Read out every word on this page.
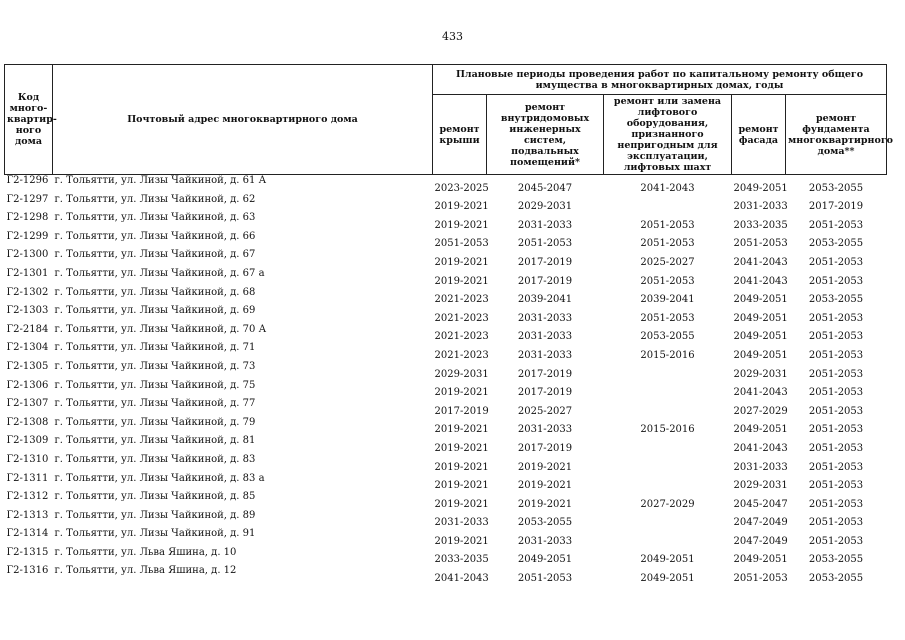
433
Код много-квартир-ного дома	Почтовый адрес многоквартирного дома	Плановые периоды проведения работ по капитальному ремонту общего имущества в многоквартирных домах, годы				
		ремонт крыши	ремонт внутридомовых инженерных систем, подвальных помещений*	ремонт или замена лифтового оборудования, признанного непригодным для эксплуатации, лифтовых шахт	ремонт фасада	ремонт фундамента многоквартирного дома**
Г2-1296	г. Тольятти, ул. Лизы Чайкиной, д. 61 А	2023-2025	2045-2047	2041-2043	2049-2051	2053-2055
Г2-1297	г. Тольятти, ул. Лизы Чайкиной, д. 62	2019-2021	2029-2031		2031-2033	2017-2019
Г2-1298	г. Тольятти, ул. Лизы Чайкиной, д. 63	2019-2021	2031-2033	2051-2053	2033-2035	2051-2053
Г2-1299	г. Тольятти, ул. Лизы Чайкиной, д. 66	2051-2053	2051-2053	2051-2053	2051-2053	2053-2055
Г2-1300	г. Тольятти, ул. Лизы Чайкиной, д. 67	2019-2021	2017-2019	2025-2027	2041-2043	2051-2053
Г2-1301	г. Тольятти, ул. Лизы Чайкиной, д. 67 а	2019-2021	2017-2019	2051-2053	2041-2043	2051-2053
Г2-1302	г. Тольятти, ул. Лизы Чайкиной, д. 68	2021-2023	2039-2041	2039-2041	2049-2051	2053-2055
Г2-1303	г. Тольятти, ул. Лизы Чайкиной, д. 69	2021-2023	2031-2033	2051-2053	2049-2051	2051-2053
Г2-2184	г. Тольятти, ул. Лизы Чайкиной, д. 70 А	2021-2023	2031-2033	2053-2055	2049-2051	2051-2053
Г2-1304	г. Тольятти, ул. Лизы Чайкиной, д. 71	2021-2023	2031-2033	2015-2016	2049-2051	2051-2053
Г2-1305	г. Тольятти, ул. Лизы Чайкиной, д. 73	2029-2031	2017-2019		2029-2031	2051-2053
Г2-1306	г. Тольятти, ул. Лизы Чайкиной, д. 75	2019-2021	2017-2019		2041-2043	2051-2053
Г2-1307	г. Тольятти, ул. Лизы Чайкиной, д. 77	2017-2019	2025-2027		2027-2029	2051-2053
Г2-1308	г. Тольятти, ул. Лизы Чайкиной, д. 79	2019-2021	2031-2033	2015-2016	2049-2051	2051-2053
Г2-1309	г. Тольятти, ул. Лизы Чайкиной, д. 81	2019-2021	2017-2019		2041-2043	2051-2053
Г2-1310	г. Тольятти, ул. Лизы Чайкиной, д. 83	2019-2021	2019-2021		2031-2033	2051-2053
Г2-1311	г. Тольятти, ул. Лизы Чайкиной, д. 83 а	2019-2021	2019-2021		2029-2031	2051-2053
Г2-1312	г. Тольятти, ул. Лизы Чайкиной, д. 85	2019-2021	2019-2021	2027-2029	2045-2047	2051-2053
Г2-1313	г. Тольятти, ул. Лизы Чайкиной, д. 89	2031-2033	2053-2055		2047-2049	2051-2053
Г2-1314	г. Тольятти, ул. Лизы Чайкиной, д. 91	2019-2021	2031-2033		2047-2049	2051-2053
Г2-1315	г. Тольятти, ул. Льва Яшина, д. 10	2033-2035	2049-2051	2049-2051	2049-2051	2053-2055
Г2-1316	г. Тольятти, ул. Льва Яшина, д. 12	2041-2043	2051-2053	2049-2051	2051-2053	2053-2055
